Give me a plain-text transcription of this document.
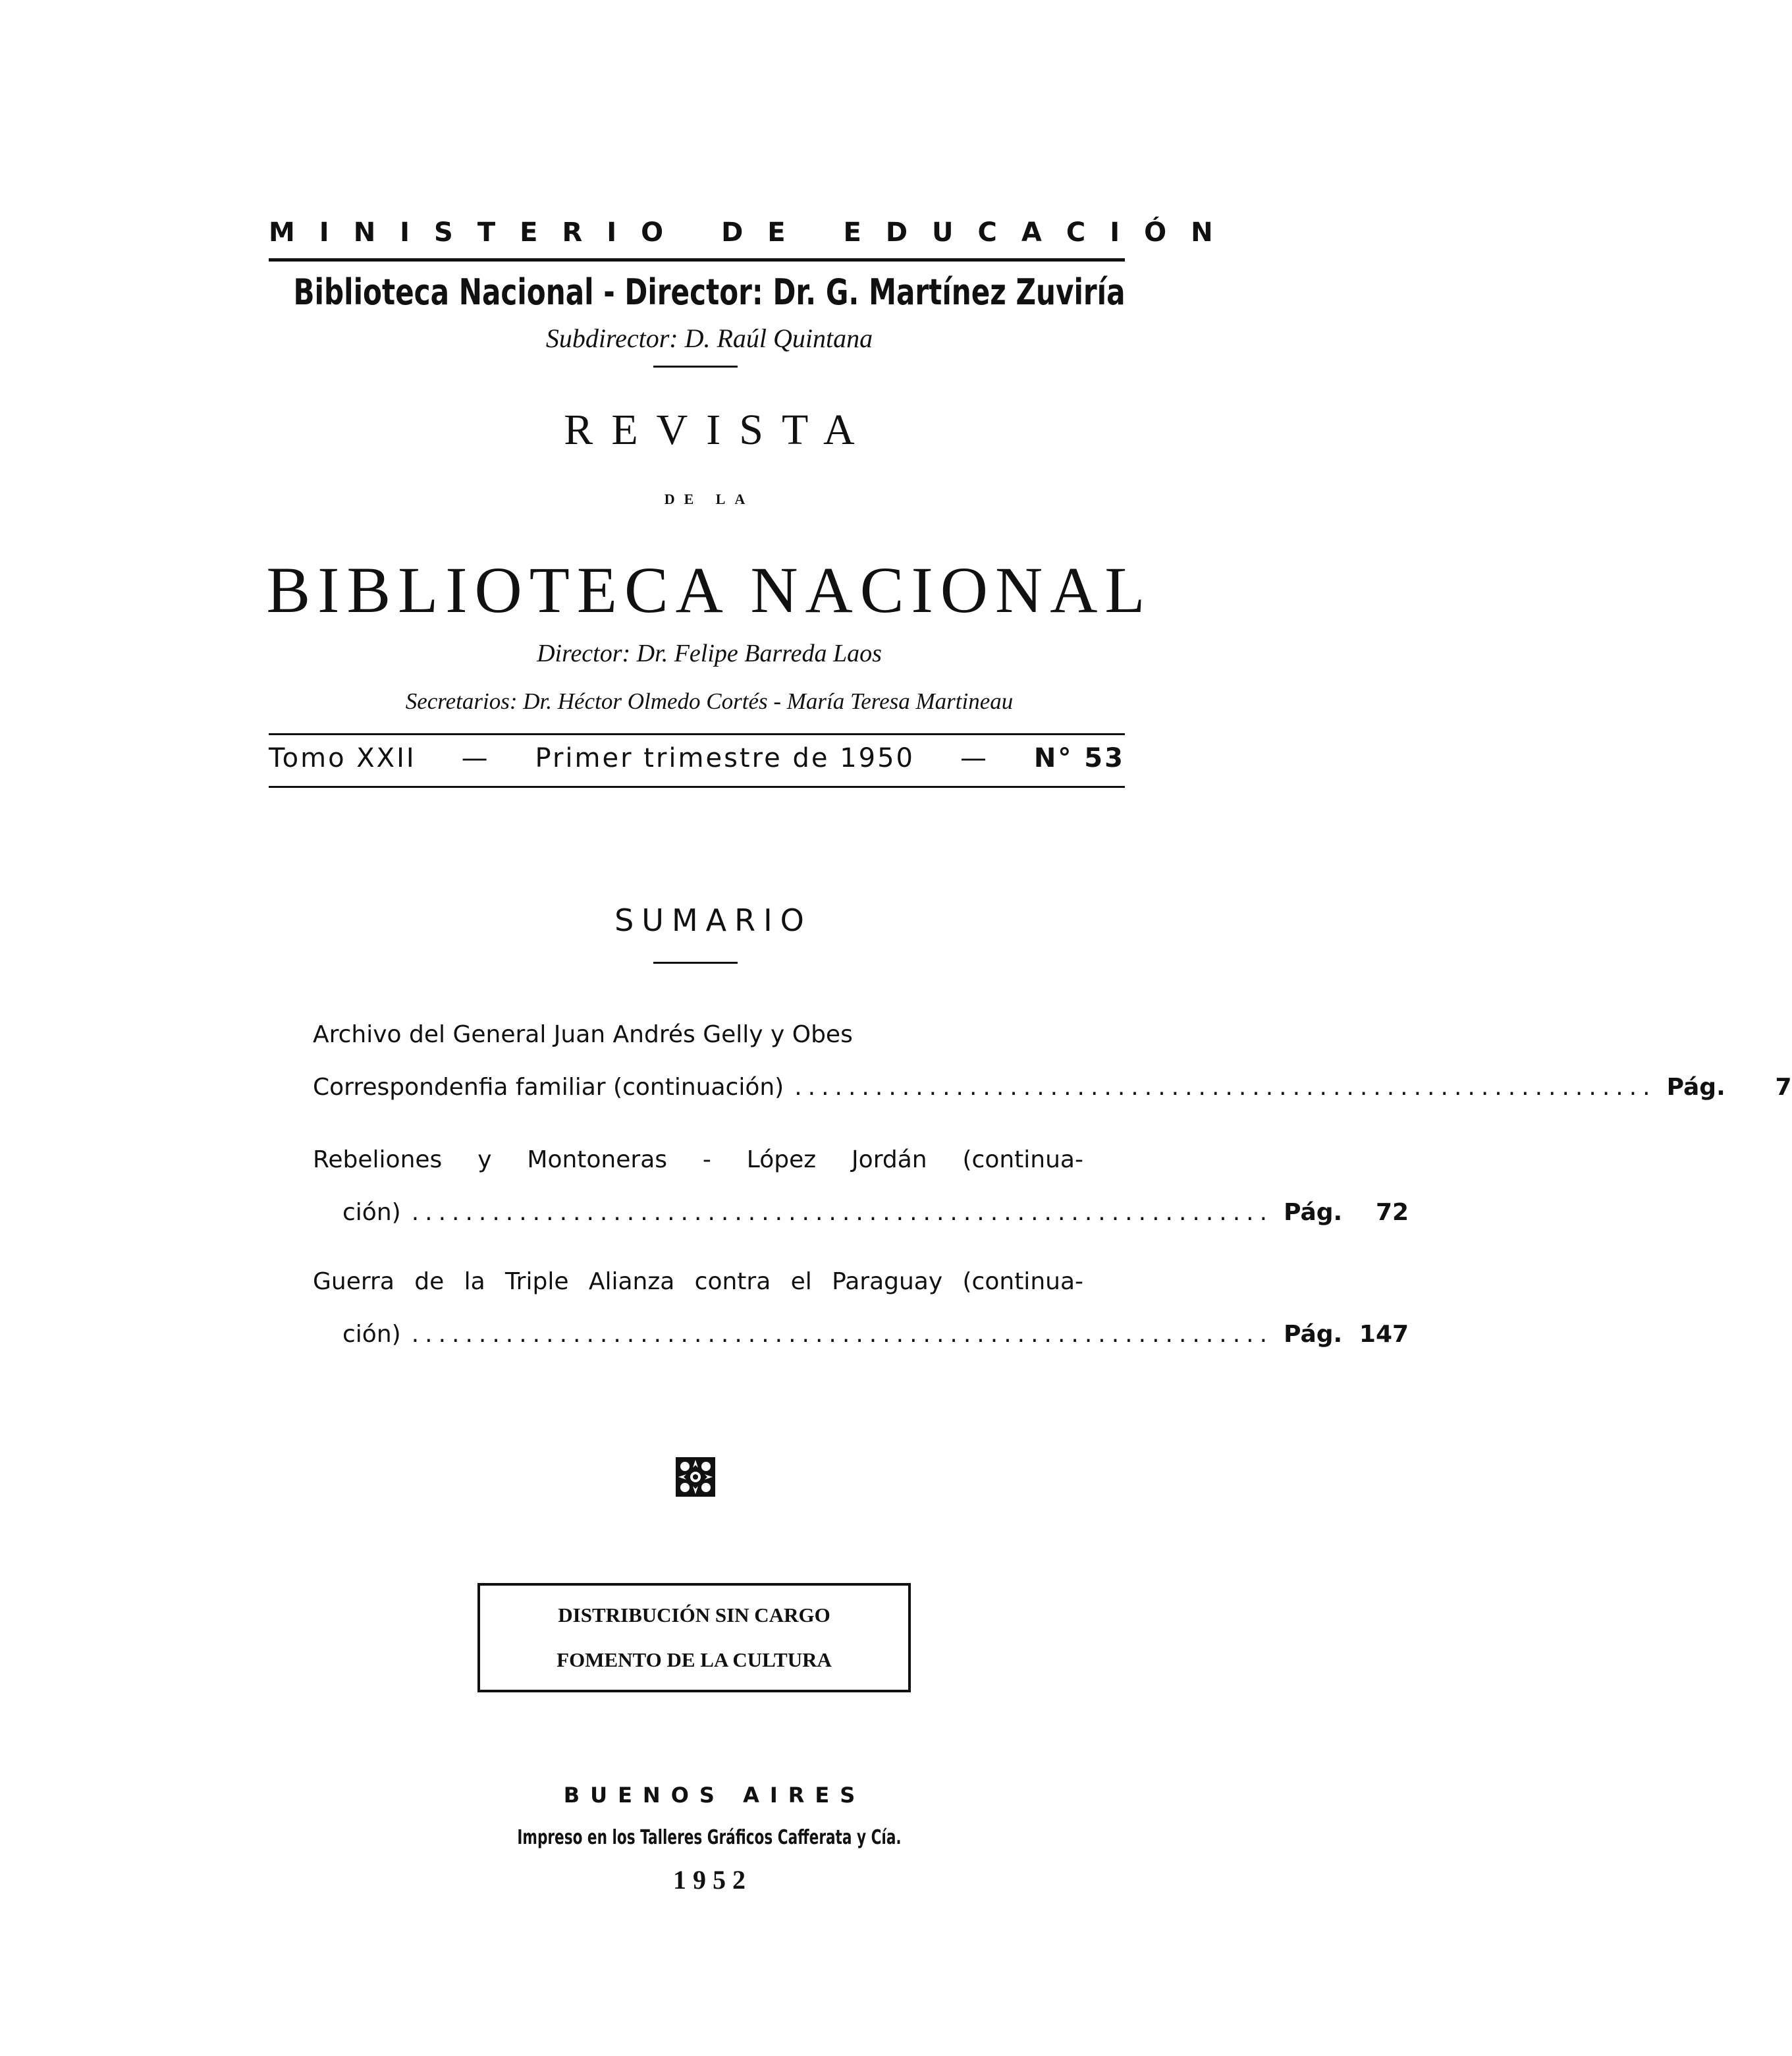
MINISTERIO DE EDUCACIÓN
Biblioteca Nacional - Director: Dr. G. Martínez Zuviría
Subdirector: D. Raúl Quintana
REVISTA
DE LA
BIBLIOTECA NACIONAL
Director: Dr. Felipe Barreda Laos
Secretarios: Dr. Héctor Olmedo Cortés - María Teresa Martineau
Tomo XXII — Primer trimestre de 1950 — N° 53
SUMARIO
Archivo del General Juan Andrés Gelly y Obes
Correspondenfia familiar (continuación) ................................................................ Pág. 7
Rebeliones y Montoneras - López Jordán (continua-
ción) ................................................................ Pág. 72
Guerra de la Triple Alianza contra el Paraguay (continua-
ción) ................................................................ Pág. 147
DISTRIBUCIÓN SIN CARGO
FOMENTO DE LA CULTURA
BUENOS AIRES
Impreso en los Talleres Gráficos Cafferata y Cía.
1952
